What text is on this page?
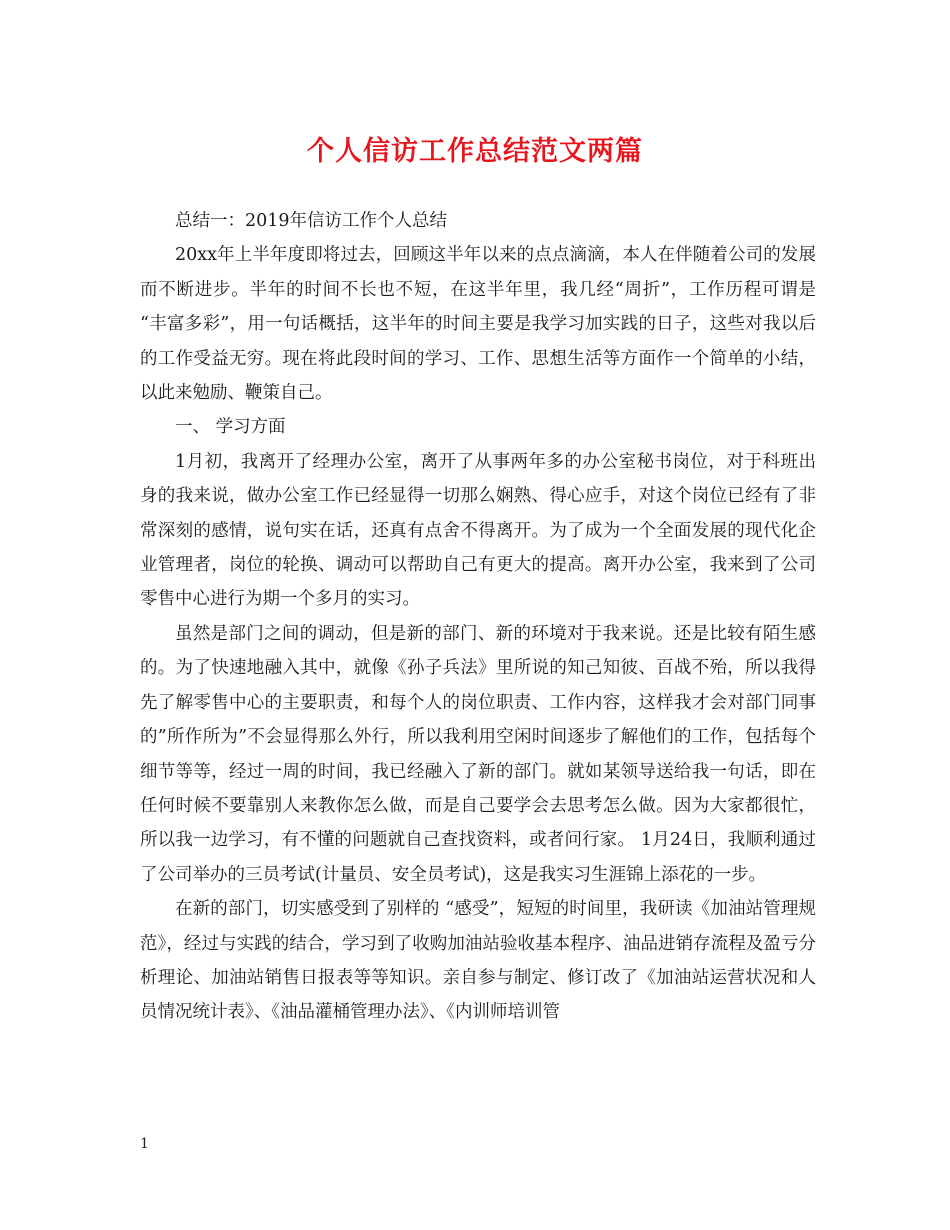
个人信访工作总结范文两篇

总结一：2019年信访工作个人总结

20xx年上半年度即将过去，回顾这半年以来的点点滴滴，本人在伴随着公司的发展而不断进步。半年的时间不长也不短，在这半年里，我几经“周折”，工作历程可谓是 “丰富多彩”，用一句话概括，这半年的时间主要是我学习加实践的日子，这些对我以后的工作受益无穷。现在将此段时间的学习、工作、思想生活等方面作一个简单的小结，以此来勉励、鞭策自己。

一、 学习方面

1月初，我离开了经理办公室，离开了从事两年多的办公室秘书岗位，对于科班出身的我来说，做办公室工作已经显得一切那么娴熟、得心应手，对这个岗位已经有了非常深刻的感情，说句实在话，还真有点舍不得离开。为了成为一个全面发展的现代化企业管理者，岗位的轮换、调动可以帮助自己有更大的提高。离开办公室，我来到了公司零售中心进行为期一个多月的实习。

虽然是部门之间的调动，但是新的部门、新的环境对于我来说。还是比较有陌生感的。为了快速地融入其中，就像《孙子兵法》里所说的知己知彼、百战不殆，所以我得先了解零售中心的主要职责，和每个人的岗位职责、工作内容，这样我才会对部门同事的”所作所为”不会显得那么外行，所以我利用空闲时间逐步了解他们的工作，包括每个细节等等，经过一周的时间，我已经融入了新的部门。就如某领导送给我一句话，即在任何时候不要靠别人来教你怎么做，而是自己要学会去思考怎么做。因为大家都很忙，所以我一边学习，有不懂的问题就自己查找资料，或者问行家。 1月24日，我顺利通过了公司举办的三员考试(计量员、安全员考试)，这是我实习生涯锦上添花的一步。

在新的部门，切实感受到了别样的 “感受”，短短的时间里，我研读《加油站管理规范》，经过与实践的结合，学习到了收购加油站验收基本程序、油品进销存流程及盈亏分析理论、加油站销售日报表等等知识。亲自参与制定、修订改了《加油站运营状况和人员情况统计表》、《油品灌桶管理办法》、《内训师培训管

1
